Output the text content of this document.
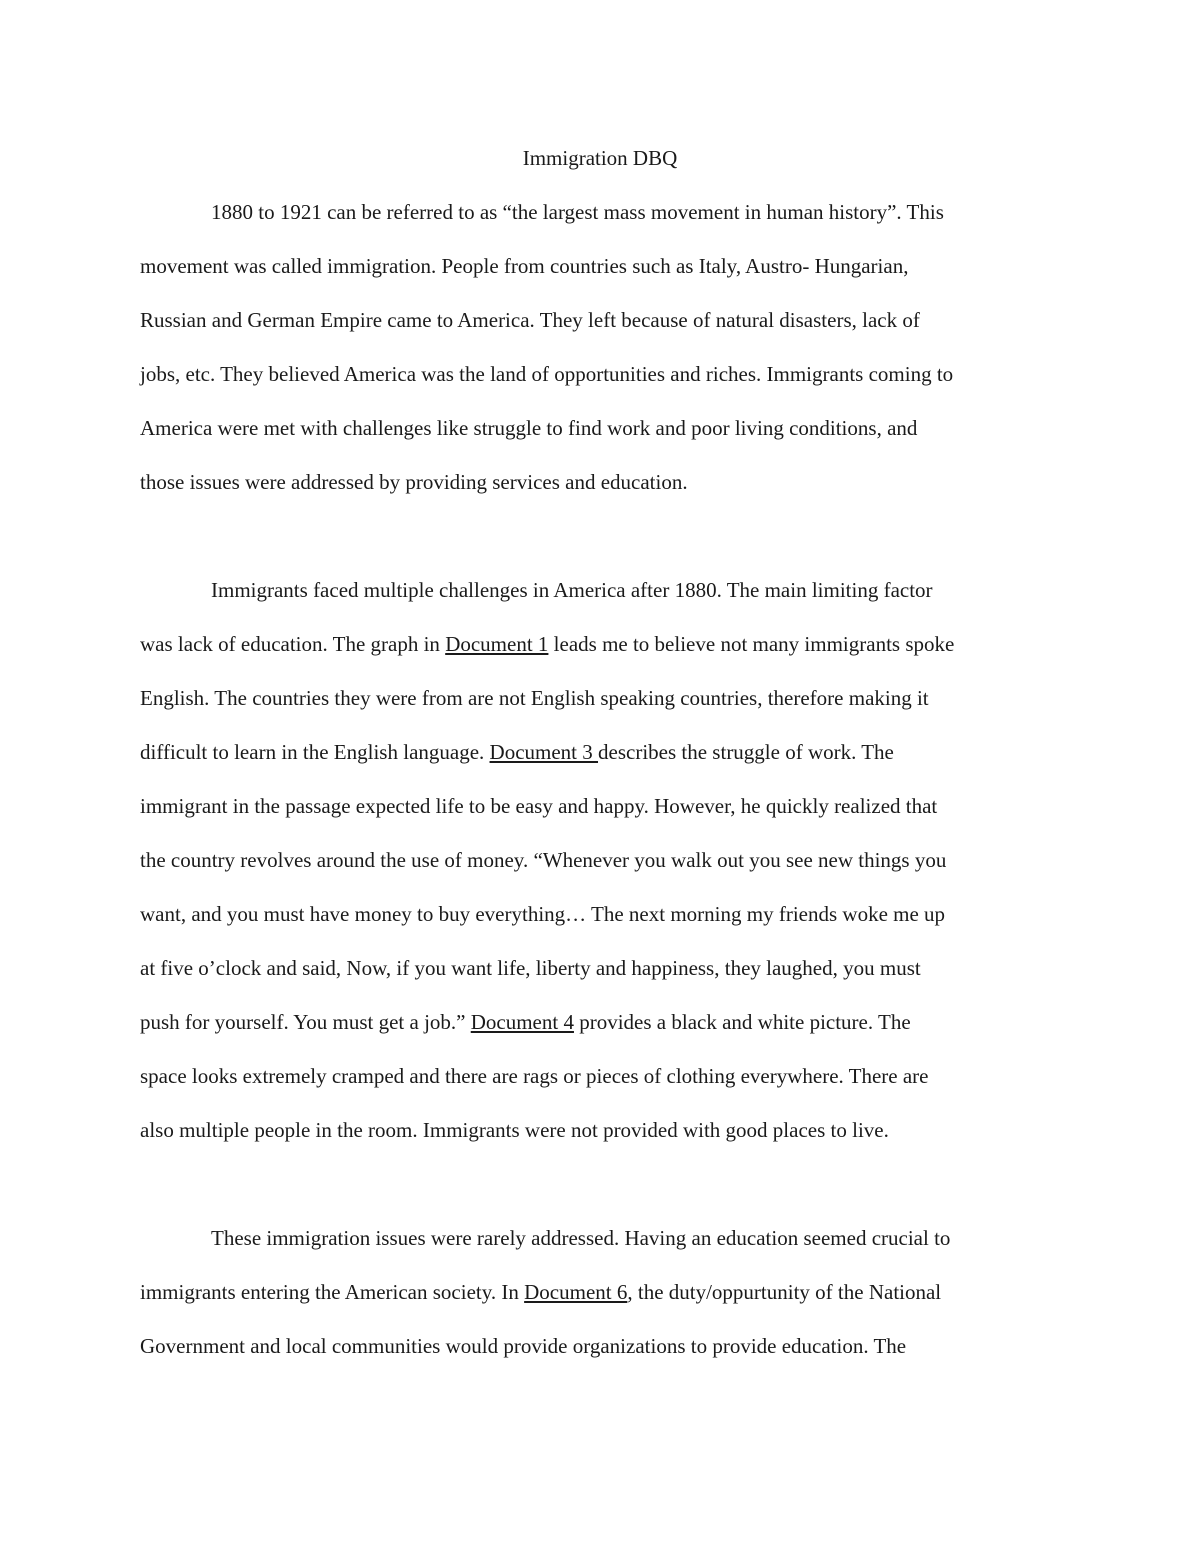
Immigration DBQ
1880 to 1921 can be referred to as “the largest mass movement in human history”. This
movement was called immigration. People from countries such as Italy, Austro- Hungarian,
Russian and German Empire came to America. They left because of natural disasters, lack of
jobs, etc. They believed America was the land of opportunities and riches. Immigrants coming to
America were met with challenges like struggle to find work and poor living conditions, and
those issues were addressed by providing services and education.
Immigrants faced multiple challenges in America after 1880. The main limiting factor
was lack of education. The graph in Document 1 leads me to believe not many immigrants spoke
English. The countries they were from are not English speaking countries, therefore making it
difficult to learn in the English language. Document 3 describes the struggle of work. The
immigrant in the passage expected life to be easy and happy. However, he quickly realized that
the country revolves around the use of money. “Whenever you walk out you see new things you
want, and you must have money to buy everything… The next morning my friends woke me up
at five o’clock and said, Now, if you want life, liberty and happiness, they laughed, you must
push for yourself. You must get a job.” Document 4 provides a black and white picture. The
space looks extremely cramped and there are rags or pieces of clothing everywhere. There are
also multiple people in the room. Immigrants were not provided with good places to live.
These immigration issues were rarely addressed. Having an education seemed crucial to
immigrants entering the American society. In Document 6, the duty/oppurtunity of the National
Government and local communities would provide organizations to provide education. The
